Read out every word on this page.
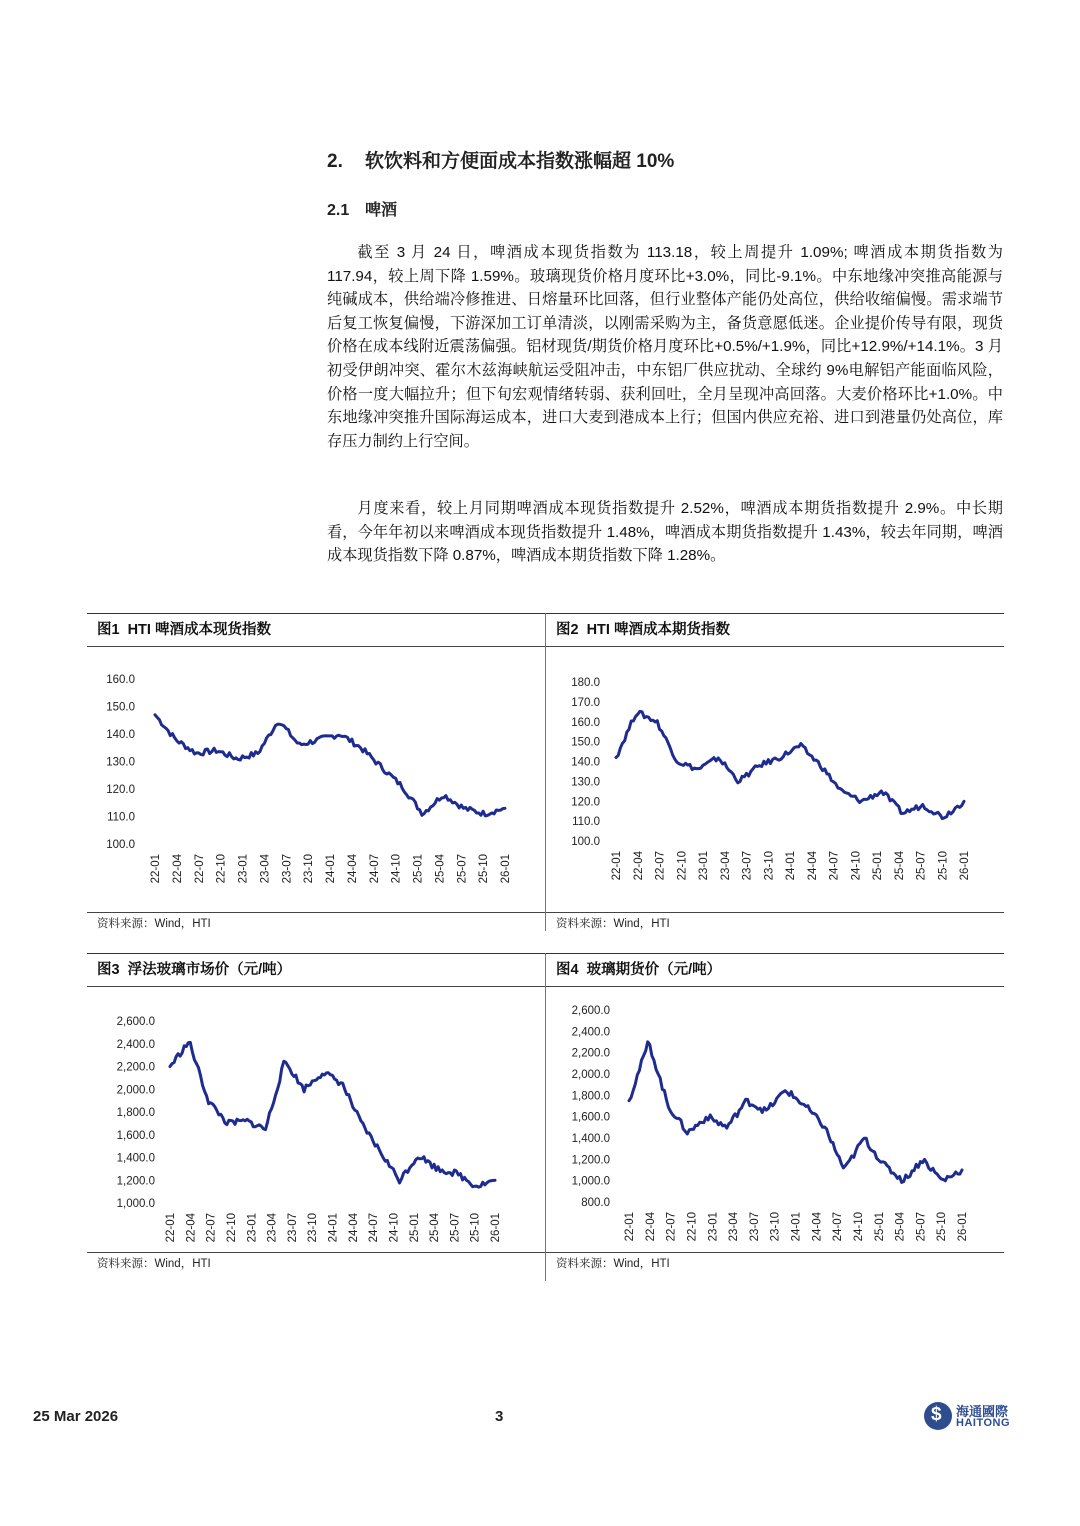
2. 软饮料和方便面成本指数涨幅超 10%
2.1 啤酒

截至 3 月 24 日，啤酒成本现货指数为 113.18，较上周提升 1.09%; 啤酒成本期货指数为 117.94，较上周下降 1.59%。玻璃现货价格月度环比+3.0%，同比-9.1%。中东地缘冲突推高能源与纯碱成本，供给端冷修推进、日熔量环比回落，但行业整体产能仍处高位，供给收缩偏慢。需求端节后复工恢复偏慢，下游深加工订单清淡，以刚需采购为主，备货意愿低迷。企业提价传导有限，现货价格在成本线附近震荡偏强。铝材现货/期货价格月度环比+0.5%/+1.9%，同比+12.9%/+14.1%。3 月初受伊朗冲突、霍尔木兹海峡航运受阻冲击，中东铝厂供应扰动、全球约 9%电解铝产能面临风险，价格一度大幅拉升；但下旬宏观情绪转弱、获利回吐，全月呈现冲高回落。大麦价格环比+1.0%。中东地缘冲突推升国际海运成本，进口大麦到港成本上行；但国内供应充裕、进口到港量仍处高位，库存压力制约上行空间。

月度来看，较上月同期啤酒成本现货指数提升 2.52%，啤酒成本期货指数提升 2.9%。中长期看，今年年初以来啤酒成本现货指数提升 1.48%，啤酒成本期货指数提升 1.43%，较去年同期，啤酒成本现货指数下降 0.87%，啤酒成本期货指数下降 1.28%。

图1 HTI 啤酒成本现货指数
160.0
150.0
140.0
130.0
120.0
110.0
100.0
22-01 22-04 22-07 22-10 23-01 23-04 23-07 23-10 24-01 24-04 24-07 24-10 25-01 25-04 25-07 25-10 26-01
资料来源：Wind，HTI
图2 HTI 啤酒成本期货指数
180.0
170.0
160.0
150.0
140.0
130.0
120.0
110.0
100.0
22-01 22-04 22-07 22-10 23-01 23-04 23-07 23-10 24-01 24-04 24-07 24-10 25-01 25-04 25-07 25-10 26-01
资料来源：Wind，HTI
图3 浮法玻璃市场价（元/吨）
2,600.0
2,400.0
2,200.0
2,000.0
1,800.0
1,600.0
1,400.0
1,200.0
1,000.0
22-01 22-04 22-07 22-10 23-01 23-04 23-07 23-10 24-01 24-04 24-07 24-10 25-01 25-04 25-07 25-10 26-01
资料来源：Wind，HTI
图4 玻璃期货价（元/吨）
2,600.0
2,400.0
2,200.0
2,000.0
1,800.0
1,600.0
1,400.0
1,200.0
1,000.0
800.0
22-01 22-04 22-07 22-10 23-01 23-04 23-07 23-10 24-01 24-04 24-07 24-10 25-01 25-04 25-07 25-10 26-01
资料来源：Wind，HTI
25 Mar 2026	3	$ 海通國際
HAITONG
